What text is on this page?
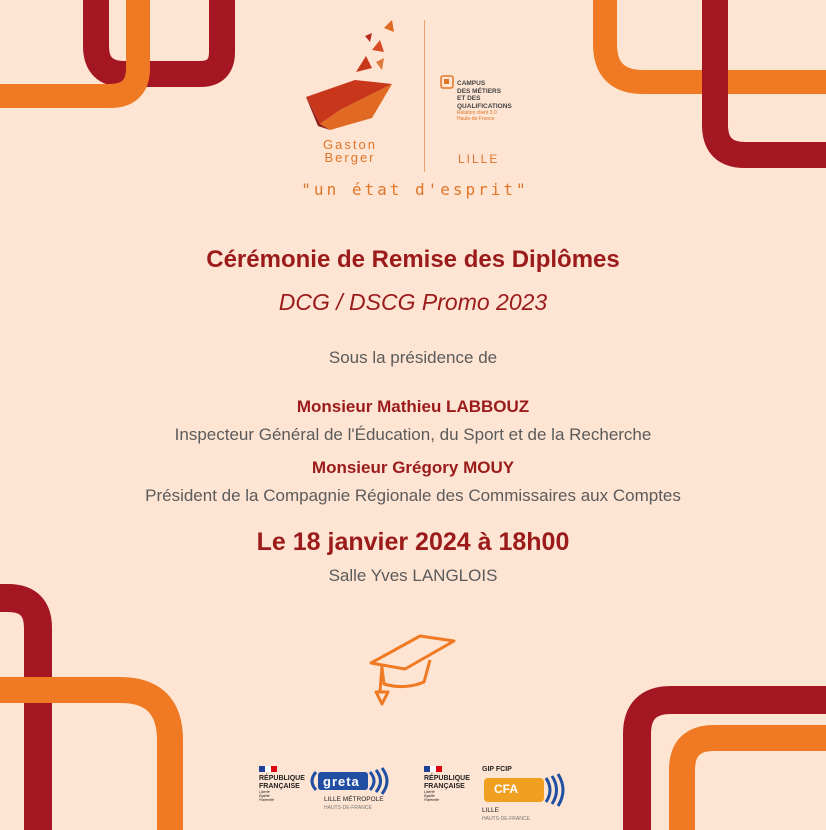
Gaston
Berger
CAMPUS
DES MÉTIERS
ET DES
QUALIFICATIONS
Relation client 3.0
Hauts-de-France
LILLE
"un état d'esprit"
Cérémonie de Remise des Diplômes
DCG / DSCG Promo 2023
Sous la présidence de
Monsieur Mathieu LABBOUZ
Inspecteur Général de l'Éducation, du Sport et de la Recherche
Monsieur Grégory MOUY
Président de la Compagnie Régionale des Commissaires aux Comptes
Le 18 janvier 2024 à 18h00
Salle Yves LANGLOIS
RÉPUBLIQUE
FRANÇAISE
Liberté
Égalité
Fraternité
greta
LILLE MÉTROPOLE
HAUTS-DE-FRANCE
RÉPUBLIQUE
FRANÇAISE
Liberté
Égalité
Fraternité
GIP FCIP
CFA
LILLE
HAUTS-DE-FRANCE
